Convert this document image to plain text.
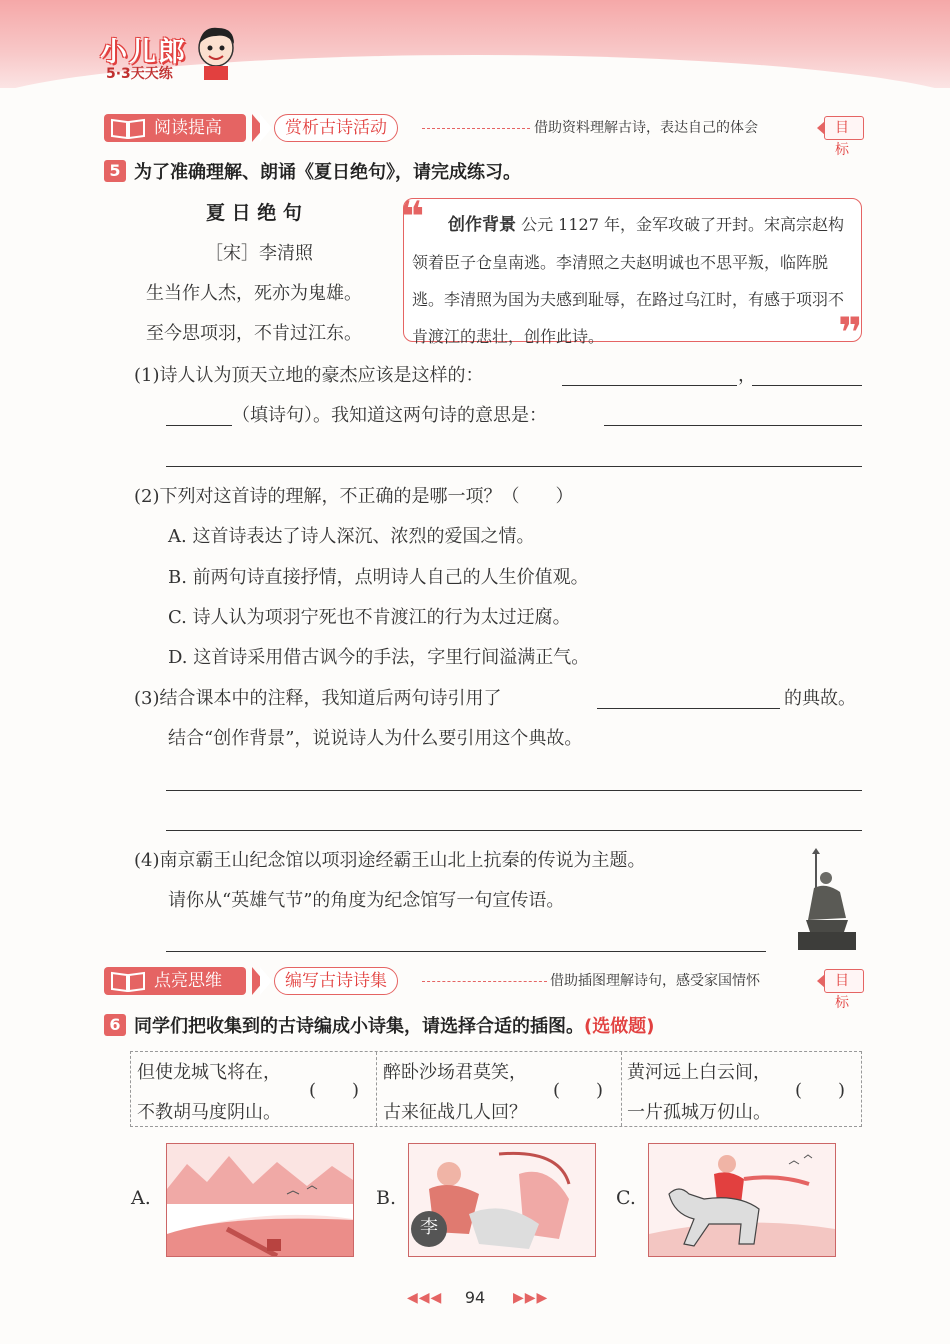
小儿郎
5·3天天练
阅读提高	赏析古诗活动	借助资料理解古诗，表达自己的体会	目标
5 为了准确理解、朗诵《夏日绝句》，请完成练习。
夏 日 绝 句
［宋］李清照
生当作人杰，死亦为鬼雄。
至今思项羽，不肯过江东。
❝
❞
创作背景 公元 1127 年，金军攻破了开封。宋高宗赵构领着臣子仓皇南逃。李清照之夫赵明诚也不思平叛，临阵脱逃。李清照为国为夫感到耻辱，在路过乌江时，有感于项羽不肯渡江的悲壮，创作此诗。
(1)诗人认为顶天立地的豪杰应该是这样的：	，
（填诗句）。我知道这两句诗的意思是：
(2)下列对这首诗的理解，不正确的是哪一项？（　　）
A. 这首诗表达了诗人深沉、浓烈的爱国之情。
B. 前两句诗直接抒情，点明诗人自己的人生价值观。
C. 诗人认为项羽宁死也不肯渡江的行为太过迂腐。
D. 这首诗采用借古讽今的手法，字里行间溢满正气。
(3)结合课本中的注释，我知道后两句诗引用了	的典故。
结合“创作背景”，说说诗人为什么要引用这个典故。
(4)南京霸王山纪念馆以项羽途经霸王山北上抗秦的传说为主题。
请你从“英雄气节”的角度为纪念馆写一句宣传语。
点亮思维	编写古诗诗集	借助插图理解诗句，感受家国情怀	目标
6 同学们把收集到的古诗编成小诗集，请选择合适的插图。(选做题)
但使龙城飞将在，
不教胡马度阴山。
(　　)
醉卧沙场君莫笑，
古来征战几人回？
(　　)
黄河远上白云间，
一片孤城万仞山。
(　　)
A.	B.
李
C.
◀◀◀	94	▶▶▶
